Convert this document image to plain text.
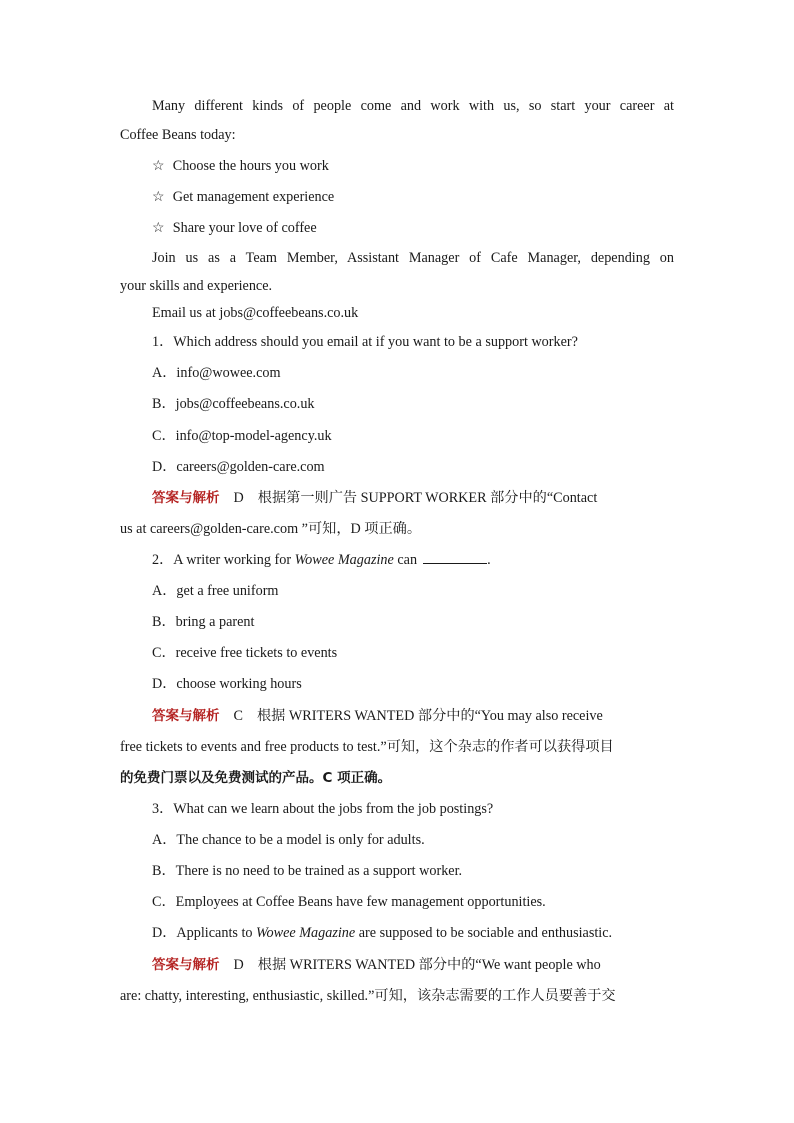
Many different kinds of people come and work with us, so start your career at
Coffee Beans today:
☆ Choose the hours you work
☆ Get management experience
☆ Share your love of coffee
Join us as a Team Member, Assistant Manager of Cafe Manager, depending on
your skills and experience.
Email us at jobs@coffeebeans.co.uk
1．Which address should you email at if you want to be a support worker?
A．info@wowee.com
B．jobs@coffeebeans.co.uk
C．info@top-model-agency.uk
D．careers@golden-care.com
答案与解析 D 根据第一则广告 SUPPORT WORKER 部分中的“Contact
us at careers@golden-care.com ”可知，D 项正确。
2．A writer working for Wowee Magazine can	.
A．get a free uniform
B．bring a parent
C．receive free tickets to events
D．choose working hours
答案与解析 C 根据 WRITERS WANTED 部分中的“You may also receive
free tickets to events and free products to test.”可知，这个杂志的作者可以获得项目
的免费门票以及免费测试的产品。C 项正确。
3．What can we learn about the jobs from the job postings?
A．The chance to be a model is only for adults.
B．There is no need to be trained as a support worker.
C．Employees at Coffee Beans have few management opportunities.
D．Applicants to Wowee Magazine are supposed to be sociable and enthusiastic.
答案与解析 D 根据 WRITERS WANTED 部分中的“We want people who
are: chatty, interesting, enthusiastic, skilled.”可知，该杂志需要的工作人员要善于交
